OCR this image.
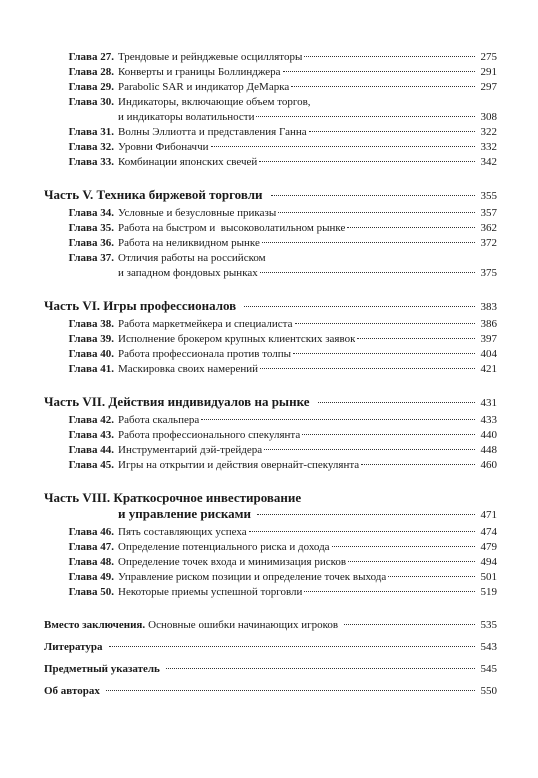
Глава 27. Трендовые и рейнджевые осцилляторы	275
Глава 28. Конверты и границы Боллинджера	291
Глава 29. Parabolic SAR и индикатор ДеМарка	297
Глава 30. Индикаторы, включающие объем торгов,
и индикаторы волатильности	308
Глава 31. Волны Эллиотта и представления Ганна	322
Глава 32. Уровни Фибоначчи	332
Глава 33. Комбинации японских свечей	342
Часть V. Техника биржевой торговли	355
Глава 34. Условные и безусловные приказы	357
Глава 35. Работа на быстром и  высоковолатильном рынке	362
Глава 36. Работа на неликвидном рынке	372
Глава 37. Отличия работы на российском
и западном фондовых рынках	375
Часть VI. Игры профессионалов	383
Глава 38. Работа маркетмейкера и специалиста	386
Глава 39. Исполнение брокером крупных клиентских заявок	397
Глава 40. Работа профессионала против толпы	404
Глава 41. Маскировка своих намерений	421
Часть VII. Действия индивидуалов на рынке	431
Глава 42. Работа скальпера	433
Глава 43. Работа профессионального спекулянта	440
Глава 44. Инструментарий дэй-трейдера	448
Глава 45. Игры на открытии и действия овернайт-спекулянта	460
Часть VIII. Краткосрочное инвестирование
и управление рисками	471
Глава 46. Пять составляющих успеха	474
Глава 47. Определение потенциального риска и дохода	479
Глава 48. Определение точек входа и минимизация рисков	494
Глава 49. Управление риском позиции и определение точек выхода	501
Глава 50. Некоторые приемы успешной торговли	519
Вместо заключения. Основные ошибки начинающих игроков	535
Литература	543
Предметный указатель	545
Об авторах	550
